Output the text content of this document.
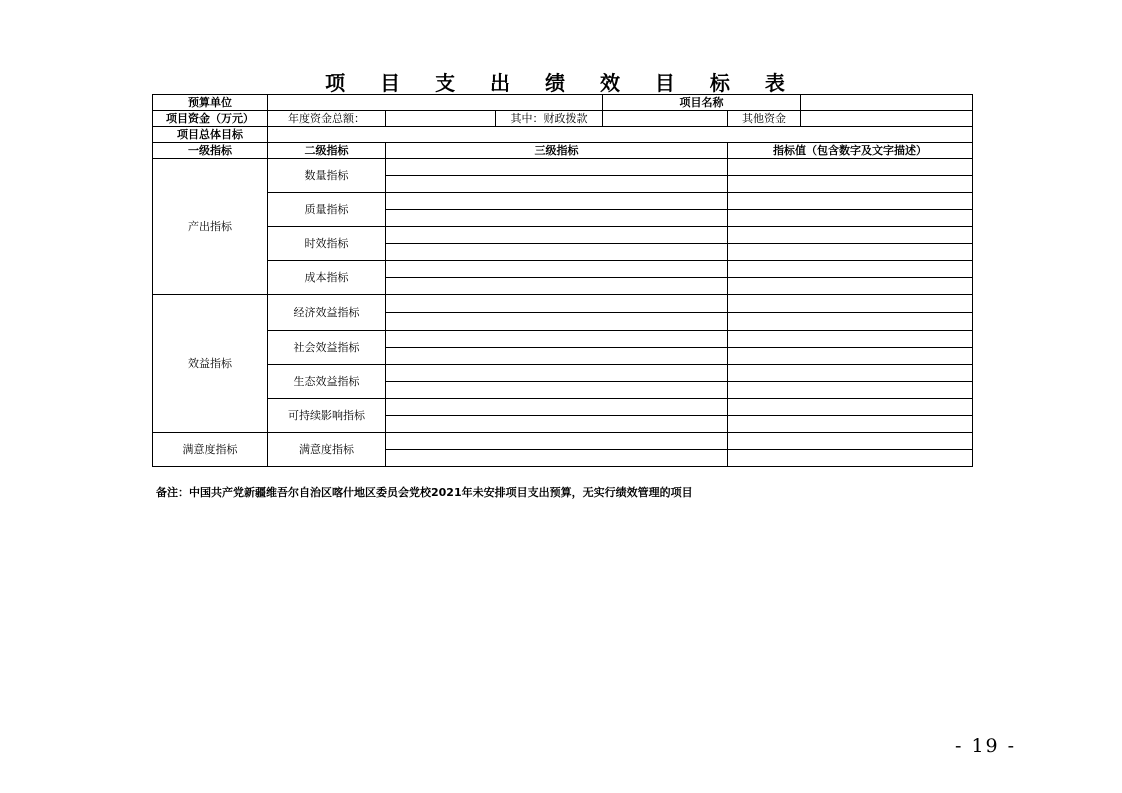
项 目 支 出 绩 效 目 标 表
预算单位				项目名称		
项目资金（万元）	年度资金总额：		其中：财政拨款		其他资金	
项目总体目标						
一级指标	二级指标	三级指标			指标值（包含数字及文字描述）	
产出指标	数量指标					

	质量指标					

	时效指标					

	成本指标					

效益指标	经济效益指标					

	社会效益指标					

	生态效益指标					

	可持续影响指标					

满意度指标	满意度指标					

备注：中国共产党新疆维吾尔自治区喀什地区委员会党校2021年未安排项目支出预算，无实行绩效管理的项目
- 19 -
